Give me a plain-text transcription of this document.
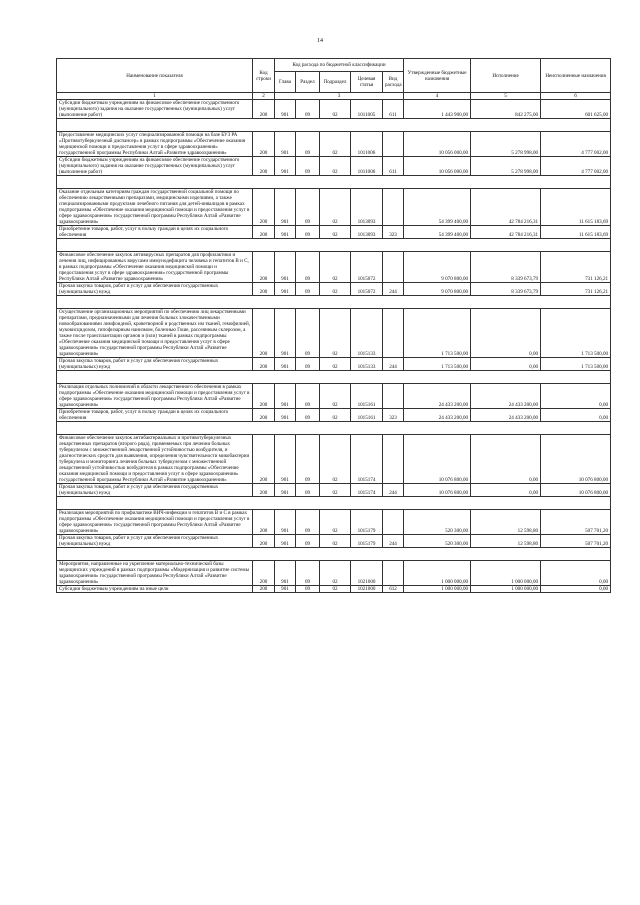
14
Наименование показателя	Код строки	Код расхода по бюджетной классификации					Утвержденные бюджетные назначения	Исполнение	Неисполненные назначения
		Глава	Раздел	Подраздел	Целевая статья	Вид расхода			
1	2	3					4	5	6
Субсидии бюджетным учреждениям на финансовое обеспечение государственного (муниципального) задания на оказание государственных (муниципальных) услуг (выполнение работ)	200	901	09	02	1011005	611	1 443 900,00	842 275,00	601 625,00

Предоставление медицинских услуг специализированной помощи на базе БУЗ РА «Противотуберкулезный диспансер» в рамках подпрограммы «Обеспечение оказания медицинской помощи и предоставления услуг в сфере здравоохранения» государственной программы Республики Алтай «Развитие здравоохранения»	200	901	09	02	1011006		10 056 000,00	5 278 998,00	4 777 002,00
Субсидии бюджетным учреждениям на финансовое обеспечение государственного (муниципального) задания на оказание государственных (муниципальных) услуг (выполнение работ)	200	901	09	02	1011006	611	10 056 000,00	5 278 998,00	4 777 002,00

Оказание отдельным категориям граждан государственной социальной помощи по обеспечению лекарственными препаратами, медицинскими изделиями, а также специализированными продуктами лечебного питания для детей-инвалидов в рамках подпрограммы «Обеспечение оказания медицинской помощи и предоставления услуг в сфере здравоохранения» государственной программы Республики Алтай «Развитие здравоохранения»	200	901	09	02	1013093		54 399 400,00	42 784 216,31	11 615 183,69
Приобретение товаров, работ, услуг в пользу граждан в целях их социального обеспечения	200	901	09	02	1013093	323	54 399 400,00	42 784 216,31	11 615 183,69

Финансовое обеспечение закупок антивирусных препаратов для профилактики и лечения лиц, инфицированных вирусами иммунодефицита человека и гепатитов B и C, в рамках подпрограммы «Обеспечение оказания медицинской помощи и предоставления услуг в сфере здравоохранения» государственной программы Республики Алтай «Развитие здравоохранения»	200	901	09	02	1015072		9 070 800,00	8 339 673,79	731 126,21
Прочая закупка товаров, работ и услуг для обеспечения государственных (муниципальных) нужд	200	901	09	02	1015072	244	9 070 800,00	8 339 673,79	731 126,21

Осуществление организационных мероприятий по обеспечению лиц лекарственными препаратами, предназначенными для лечения больных злокачественными новообразованиями лимфоидной, кроветворной и родственных им тканей, гемофилией, муковисцидозом, гипофизарным нанизмом, болезнью Гоше, рассеянным склерозом, а также после трансплантации органов и (или) тканей в рамках подпрограммы «Обеспечение оказания медицинской помощи и предоставления услуг в сфере здравоохранения» государственной программы Республики Алтай «Развитие здравоохранения»	200	901	09	02	1015133		1 713 500,00	0,00	1 713 500,00
Прочая закупка товаров, работ и услуг для обеспечения государственных (муниципальных) нужд	200	901	09	02	1015133	244	1 713 500,00	0,00	1 713 500,00

Реализация отдельных полномочий в области лекарственного обеспечения в рамках подпрограммы «Обеспечение оказания медицинской помощи и предоставления услуг в сфере здравоохранения» государственной программы Республики Алтай «Развитие здравоохранения»	200	901	09	02	1015161		24 433 200,00	24 433 200,00	0,00
Приобретение товаров, работ, услуг в пользу граждан в целях их социального обеспечения	200	901	09	02	1015161	323	24 433 200,00	24 433 200,00	0,00

Финансовое обеспечение закупок антибактериальных и противотуберкулезных лекарственных препаратов (второго ряда), применяемых при лечении больных туберкулезом с множественной лекарственной устойчивостью возбудителя, и диагностических средств для выявления, определения чувствительности микобактерии туберкулеза и мониторинга лечения больных туберкулезом с множественной лекарственной устойчивостью возбудителя в рамках подпрограммы «Обеспечение оказания медицинской помощи и предоставления услуг в сфере здравоохранения» государственной программы Республики Алтай «Развитие здравоохранения»	200	901	09	02	1015174		10 076 800,00	0,00	10 076 800,00
Прочая закупка товаров, работ и услуг для обеспечения государственных (муниципальных) нужд	200	901	09	02	1015174	244	10 076 800,00	0,00	10 076 800,00

Реализация мероприятий по профилактике ВИЧ-инфекции и гепатитов B и C в рамках подпрограммы «Обеспечение оказания медицинской помощи и предоставления услуг в сфере здравоохранения» государственной программы Республики Алтай «Развитие здравоохранения»	200	901	09	02	1015179		520 300,00	12 598,80	507 701,20
Прочая закупка товаров, работ и услуг для обеспечения государственных (муниципальных) нужд	200	901	09	02	1015179	244	520 300,00	12 598,80	507 701,20

Мероприятия, направленные на укрепление материально-технической базы медицинских учреждений в рамках подпрограммы «Модернизация и развитие системы здравоохранения» государственной программы Республики Алтай «Развитие здравоохранения»	200	901	09	02	1021000		1 000 000,00	1 000 000,00	0,00
Субсидии бюджетным учреждениям на иные цели	200	901	09	02	1021000	612	1 000 000,00	1 000 000,00	0,00
